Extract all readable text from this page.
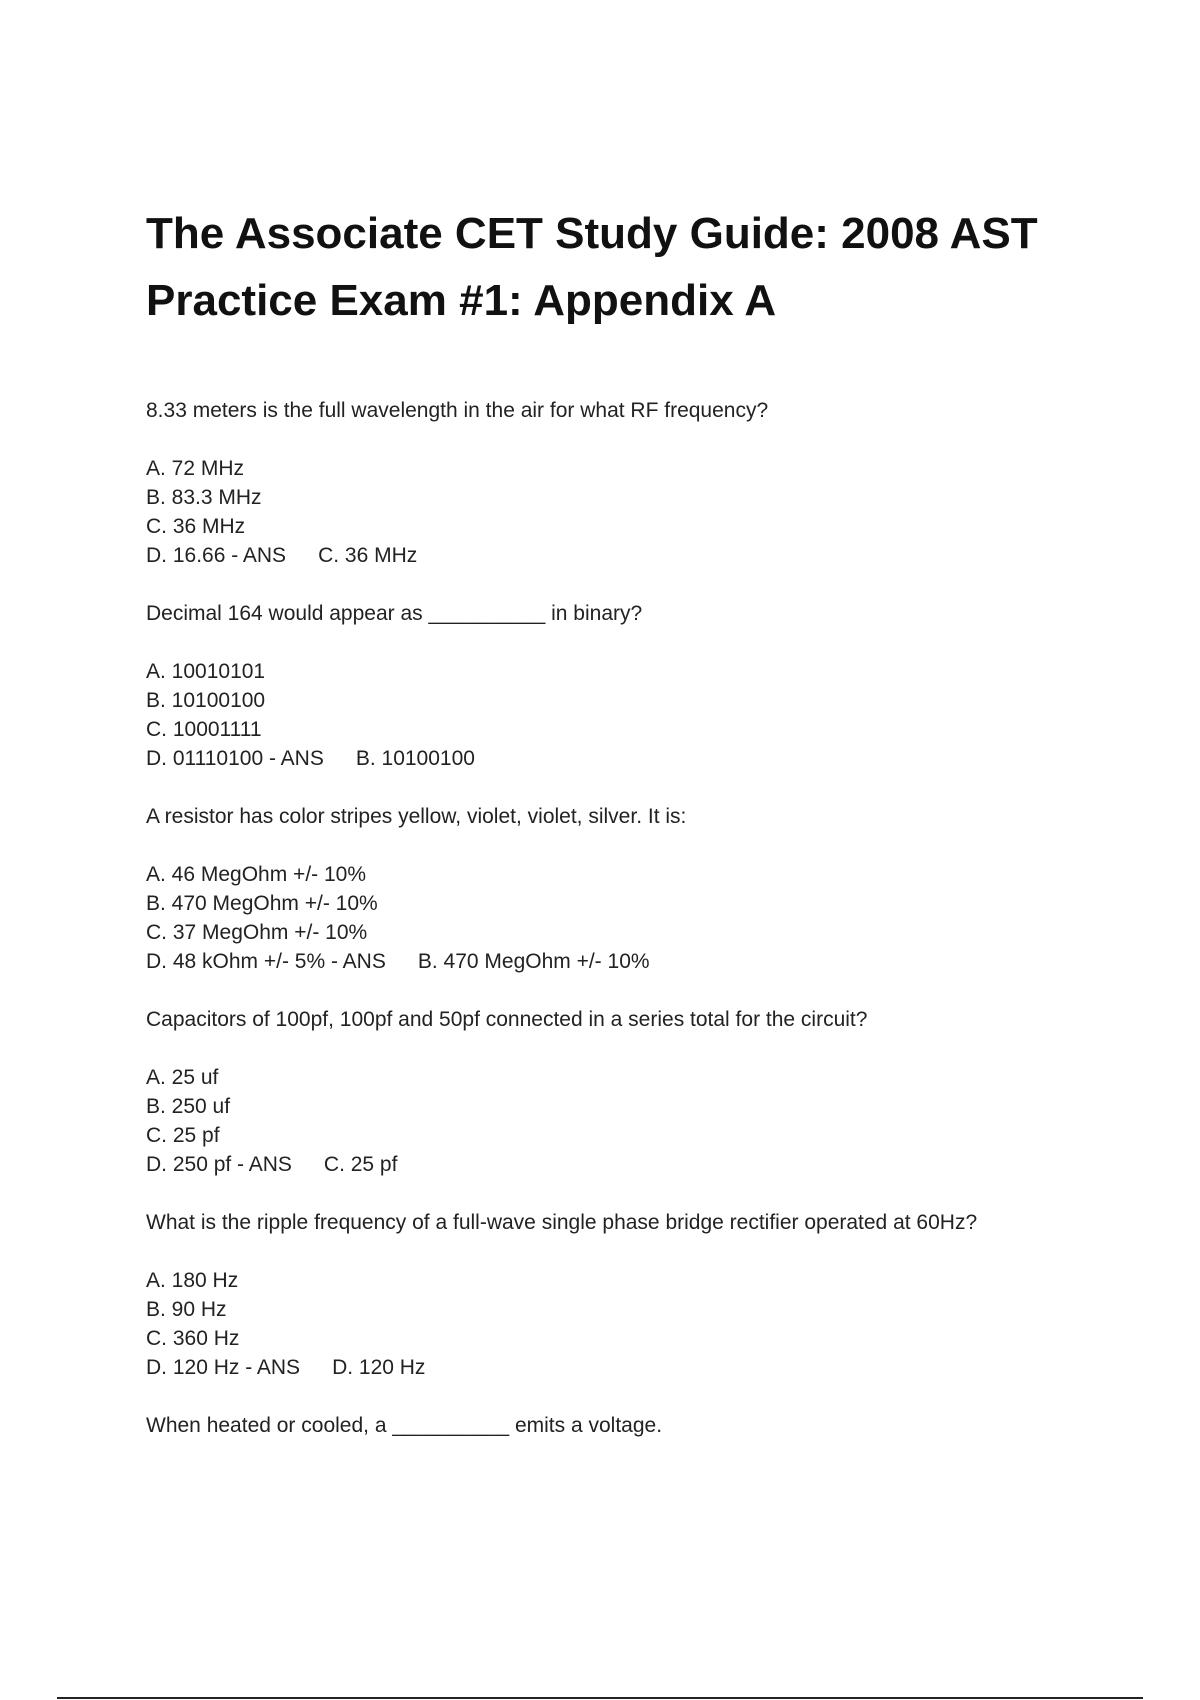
The Associate CET Study Guide: 2008 AST Practice Exam #1: Appendix A

8.33 meters is the full wavelength in the air for what RF frequency?

A. 72 MHz
B. 83.3 MHz
C. 36 MHz
D. 16.66 - ANS C. 36 MHz

Decimal 164 would appear as __________ in binary?

A. 10010101
B. 10100100
C. 10001111
D. 01110100 - ANS B. 10100100

A resistor has color stripes yellow, violet, violet, silver. It is:

A. 46 MegOhm +/- 10%
B. 470 MegOhm +/- 10%
C. 37 MegOhm +/- 10%
D. 48 kOhm +/- 5% - ANS B. 470 MegOhm +/- 10%

Capacitors of 100pf, 100pf and 50pf connected in a series total for the circuit?

A. 25 uf
B. 250 uf
C. 25 pf
D. 250 pf - ANS C. 25 pf

What is the ripple frequency of a full-wave single phase bridge rectifier operated at 60Hz?

A. 180 Hz
B. 90 Hz
C. 360 Hz
D. 120 Hz - ANS D. 120 Hz

When heated or cooled, a __________ emits a voltage.
